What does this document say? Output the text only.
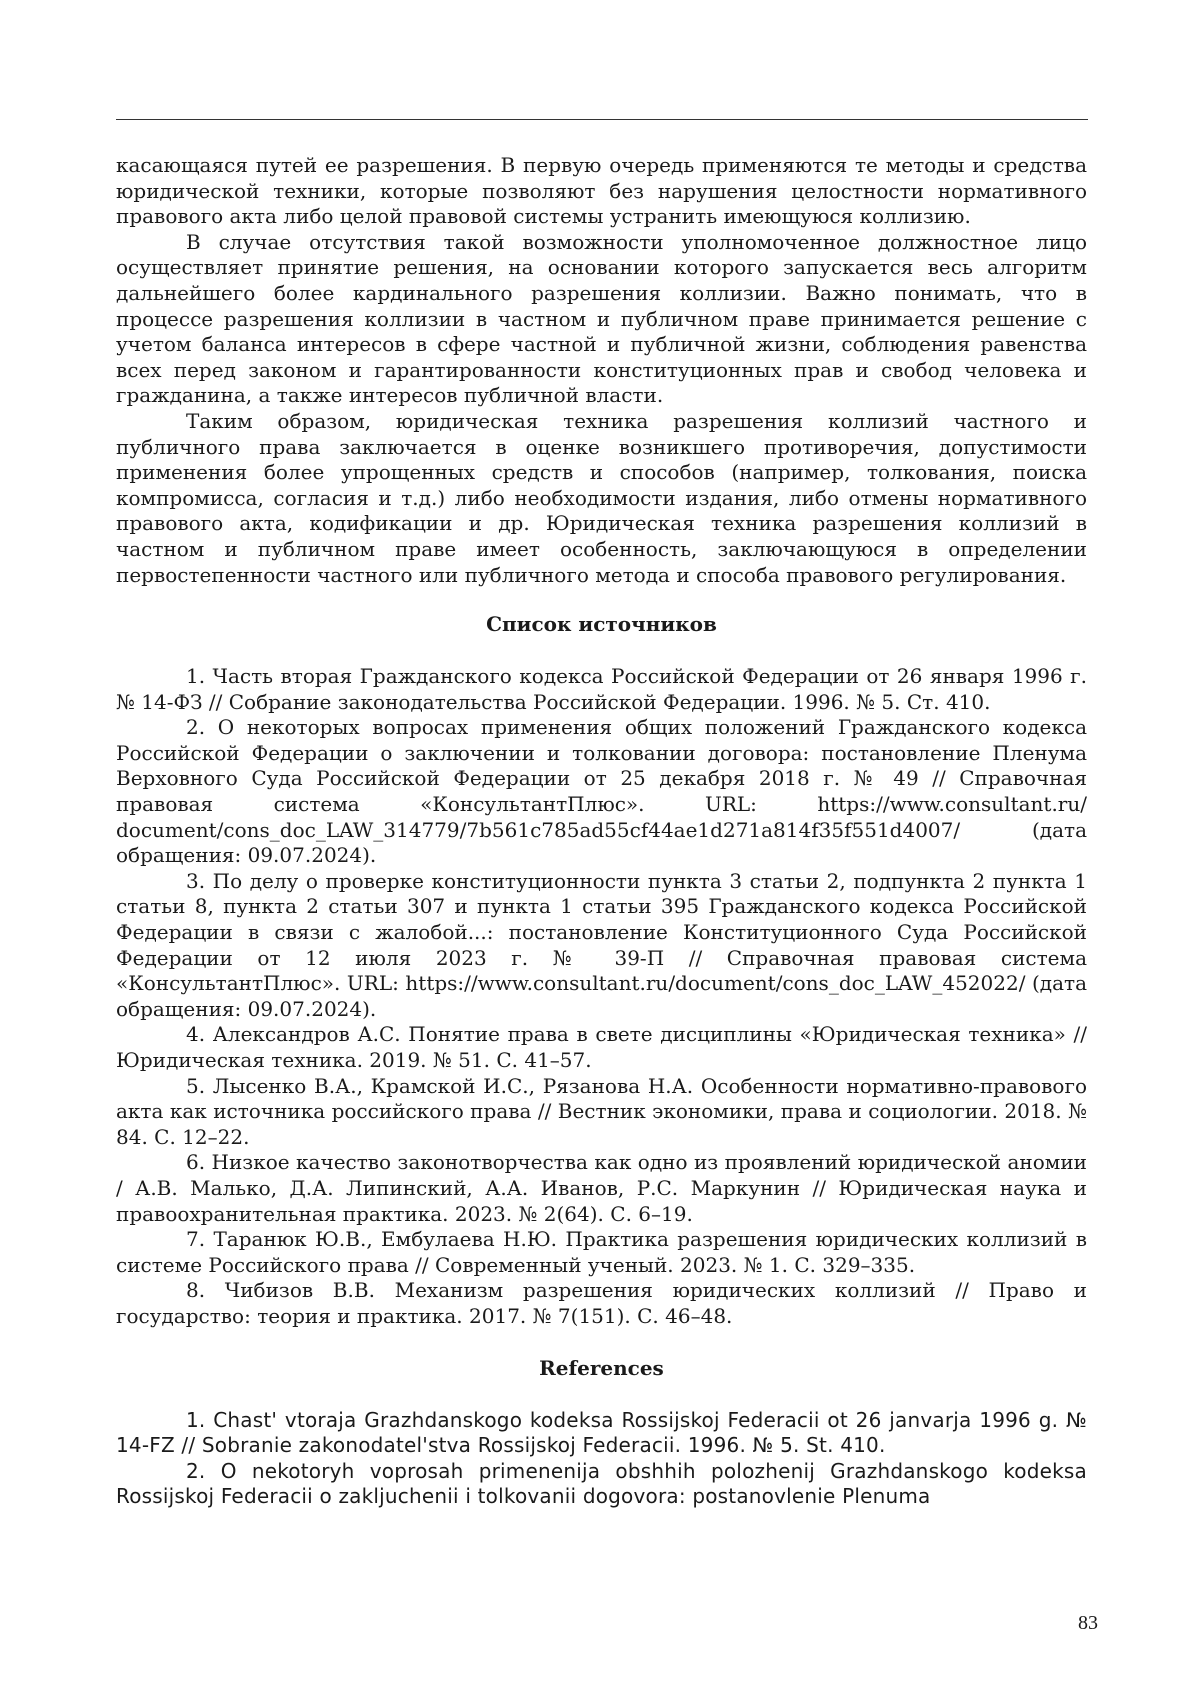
касающаяся путей ее разрешения. В первую очередь применяются те методы и средства юридической техники, которые позволяют без нарушения целостности нормативного правового акта либо целой правовой системы устранить имеющуюся коллизию.

В случае отсутствия такой возможности уполномоченное должностное лицо осуществляет принятие решения, на основании которого запускается весь алгоритм дальнейшего более кардинального разрешения коллизии. Важно понимать, что в процессе разрешения коллизии в частном и публичном праве принимается решение с учетом баланса интересов в сфере частной и публичной жизни, соблюдения равенства всех перед законом и гарантированности конституционных прав и свобод человека и гражданина, а также интересов публичной власти.

Таким образом, юридическая техника разрешения коллизий частного и публичного права заключается в оценке возникшего противоречия, допустимости применения более упрощенных средств и способов (например, толкования, поиска компромисса, согласия и т.д.) либо необходимости издания, либо отмены нормативного правового акта, кодификации и др. Юридическая техника разрешения коллизий в частном и публичном праве имеет особенность, заключающуюся в определении первостепенности частного или публичного метода и способа правового регулирования.

Список источников

1. Часть вторая Гражданского кодекса Российской Федерации от 26 января 1996 г. № 14-ФЗ // Собрание законодательства Российской Федерации. 1996. № 5. Ст. 410.

2. О некоторых вопросах применения общих положений Гражданского кодекса Российской Федерации о заключении и толковании договора: постановление Пленума Верховного Суда Российской Федерации от 25 декабря 2018 г. № 49 // Справочная правовая система «КонсультантПлюс». URL: https://www.consultant.ru/ document/cons_doc_LAW_314779/7b561c785ad55cf44ae1d271a814f35f551d4007/ (дата обращения: 09.07.2024).

3. По делу о проверке конституционности пункта 3 статьи 2, подпункта 2 пункта 1 статьи 8, пункта 2 статьи 307 и пункта 1 статьи 395 Гражданского кодекса Российской Федерации в связи с жалобой...: постановление Конституционного Суда Российской Федерации от 12 июля 2023 г. № 39-П // Справочная правовая система «КонсультантПлюс». URL: https://www.consultant.ru/document/cons_doc_LAW_452022/ (дата обращения: 09.07.2024).

4. Александров А.С. Понятие права в свете дисциплины «Юридическая техника» // Юридическая техника. 2019. № 51. С. 41–57.

5. Лысенко В.А., Крамской И.С., Рязанова Н.А. Особенности нормативно-правового акта как источника российского права // Вестник экономики, права и социологии. 2018. № 84. С. 12–22.

6. Низкое качество законотворчества как одно из проявлений юридической аномии / А.В. Малько, Д.А. Липинский, А.А. Иванов, Р.С. Маркунин // Юридическая наука и правоохранительная практика. 2023. № 2(64). С. 6–19.

7. Таранюк Ю.В., Ембулаева Н.Ю. Практика разрешения юридических коллизий в системе Российского права // Современный ученый. 2023. № 1. С. 329–335.

8. Чибизов В.В. Механизм разрешения юридических коллизий // Право и государство: теория и практика. 2017. № 7(151). С. 46–48.

References

1. Chast' vtoraja Grazhdanskogo kodeksa Rossijskoj Federacii ot 26 janvarja 1996 g. № 14-FZ // Sobranie zakonodatel'stva Rossijskoj Federacii. 1996. № 5. St. 410.

2. O nekotoryh voprosah primenenija obshhih polozhenij Grazhdanskogo kodeksa Rossijskoj Federacii o zakljuchenii i tolkovanii dogovora: postanovlenie Plenuma

83
